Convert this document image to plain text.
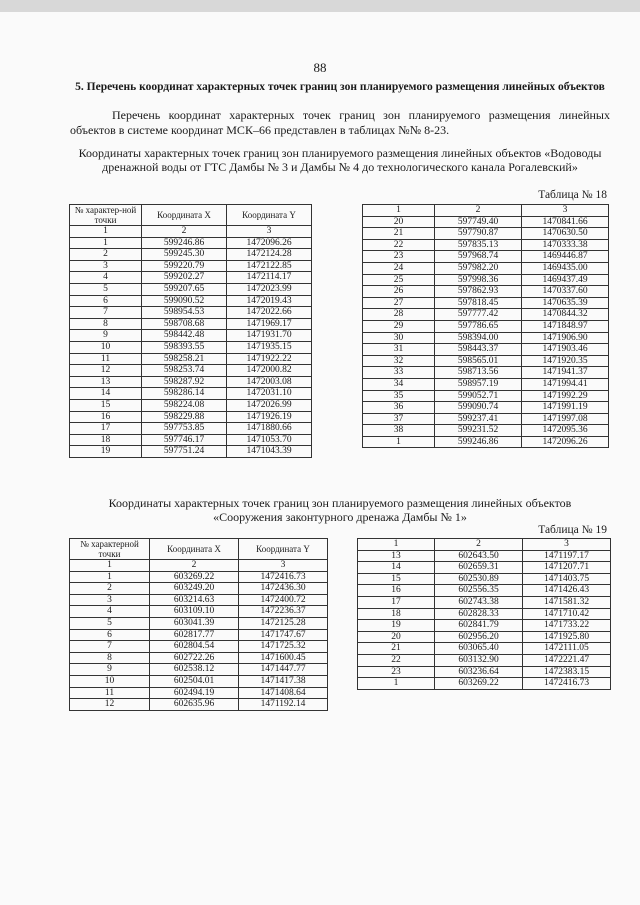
88
5. Перечень координат характерных точек границ зон планируемого размещения линейных объектов
Перечень координат характерных точек границ зон планируемого размещения линейных объектов в системе координат МСК–66 представлен в таблицах №№ 8-23.
Координаты характерных точек границ зон планируемого размещения линейных объектов «Водоводы дренажной воды от ГТС Дамбы № 3 и Дамбы № 4 до технологического канала Рогалевский»
Таблица № 18
№ характер-ной точки	Координата X	Координата Y
1	2	3
1	599246.86	1472096.26
2	599245.30	1472124.28
3	599220.79	1472122.85
4	599202.27	1472114.17
5	599207.65	1472023.99
6	599090.52	1472019.43
7	598954.53	1472022.66
8	598708.68	1471969.17
9	598442.48	1471931.70
10	598393.55	1471935.15
11	598258.21	1471922.22
12	598253.74	1472000.82
13	598287.92	1472003.08
14	598286.14	1472031.10
15	598224.08	1472026.99
16	598229.88	1471926.19
17	597753.85	1471880.66
18	597746.17	1471053.70
19	597751.24	1471043.39
1	2	3
20	597749.40	1470841.66
21	597790.87	1470630.50
22	597835.13	1470333.38
23	597968.74	1469446.87
24	597982.20	1469435.00
25	597998.36	1469437.49
26	597862.93	1470337.60
27	597818.45	1470635.39
28	597777.42	1470844.32
29	597786.65	1471848.97
30	598394.00	1471906.90
31	598443.37	1471903.46
32	598565.01	1471920.35
33	598713.56	1471941.37
34	598957.19	1471994.41
35	599052.71	1471992.29
36	599090.74	1471991.19
37	599237.41	1471997.08
38	599231.52	1472095.36
1	599246.86	1472096.26
Координаты характерных точек границ зон планируемого размещения линейных объектов «Сооружения законтурного дренажа Дамбы № 1»
Таблица № 19
№ характерной точки	Координата X	Координата Y
1	2	3
1	603269.22	1472416.73
2	603249.20	1472436.30
3	603214.63	1472400.72
4	603109.10	1472236.37
5	603041.39	1472125.28
6	602817.77	1471747.67
7	602804.54	1471725.32
8	602722.26	1471600.45
9	602538.12	1471447.77
10	602504.01	1471417.38
11	602494.19	1471408.64
12	602635.96	1471192.14
1	2	3
13	602643.50	1471197.17
14	602659.31	1471207.71
15	602530.89	1471403.75
16	602556.35	1471426.43
17	602743.38	1471581.32
18	602828.33	1471710.42
19	602841.79	1471733.22
20	602956.20	1471925.80
21	603065.40	1472111.05
22	603132.90	1472221.47
23	603236.64	1472383.15
1	603269.22	1472416.73
